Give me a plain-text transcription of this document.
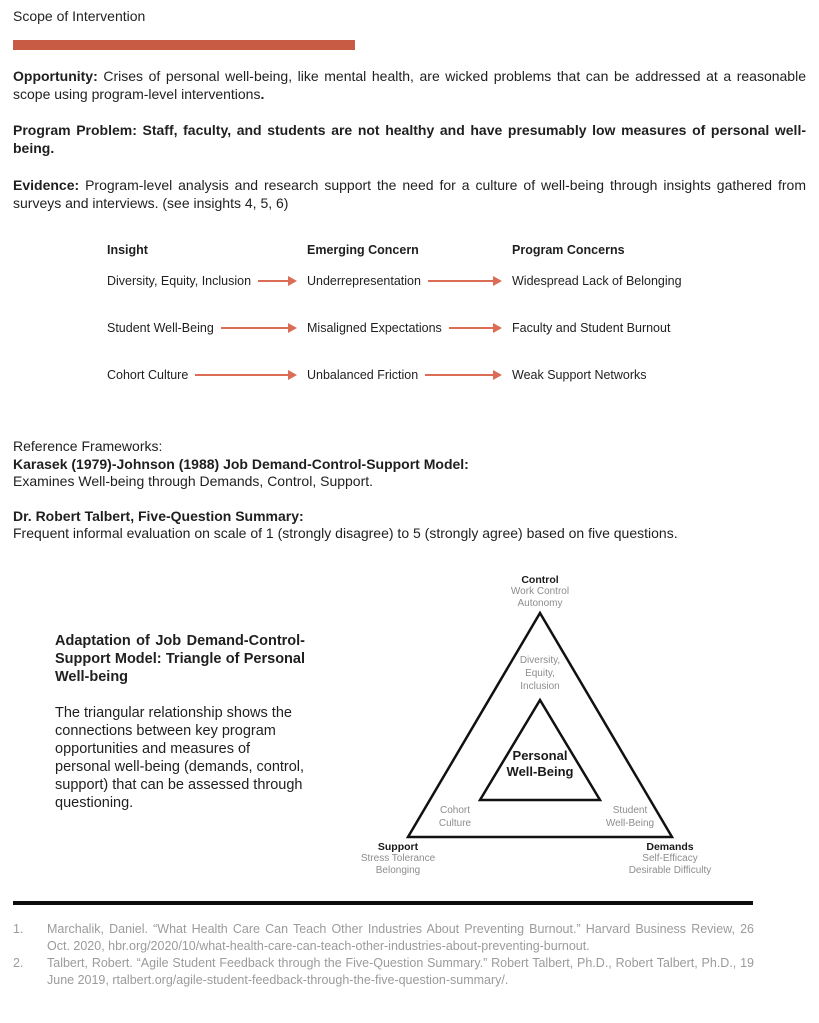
Scope of Intervention

Opportunity: Crises of personal well-being, like mental health, are wicked problems that can be addressed at a reasonable scope using program-level interventions.

Program Problem: Staff, faculty, and students are not healthy and have presumably low measures of personal well-being.

Evidence: Program-level analysis and research support the need for a culture of well-being through insights gathered from surveys and interviews. (see insights 4, 5, 6)

Insight	Emerging Concern	Program Concerns
Diversity, Equity, Inclusion	Underrepresentation	Widespread Lack of Belonging
Student Well-Being	Misaligned Expectations	Faculty and Student Burnout
Cohort Culture	Unbalanced Friction	Weak Support Networks
Reference Frameworks:
Karasek (1979)-Johnson (1988) Job Demand-Control-Support Model:
Examines Well-being through Demands, Control, Support.
Dr. Robert Talbert, Five-Question Summary:
Frequent informal evaluation on scale of 1 (strongly disagree) to 5 (strongly agree) based on five questions.
Adaptation of Job Demand-Control-Support Model: Triangle of Personal Well-being
The triangular relationship shows the connections between key program opportunities and measures of personal well-being (demands, control, support) that can be assessed through questioning.
Control
Work Control
Autonomy
Diversity,
Equity,
Inclusion
Personal
Well-Being
Cohort
Culture
Student
Well-Being
Support
Stress Tolerance
Belonging
Demands
Self-Efficacy
Desirable Difficulty
1.	Marchalik, Daniel. “What Health Care Can Teach Other Industries About Preventing Burnout.” Harvard Business Review, 26 Oct. 2020, hbr.org/2020/10/what-health-care-can-teach-other-industries-about-preventing-burnout.
2.	Talbert, Robert. “Agile Student Feedback through the Five-Question Summary.” Robert Talbert, Ph.D., Robert Talbert, Ph.D., 19 June 2019, rtalbert.org/agile-student-feedback-through-the-five-question-summary/.
